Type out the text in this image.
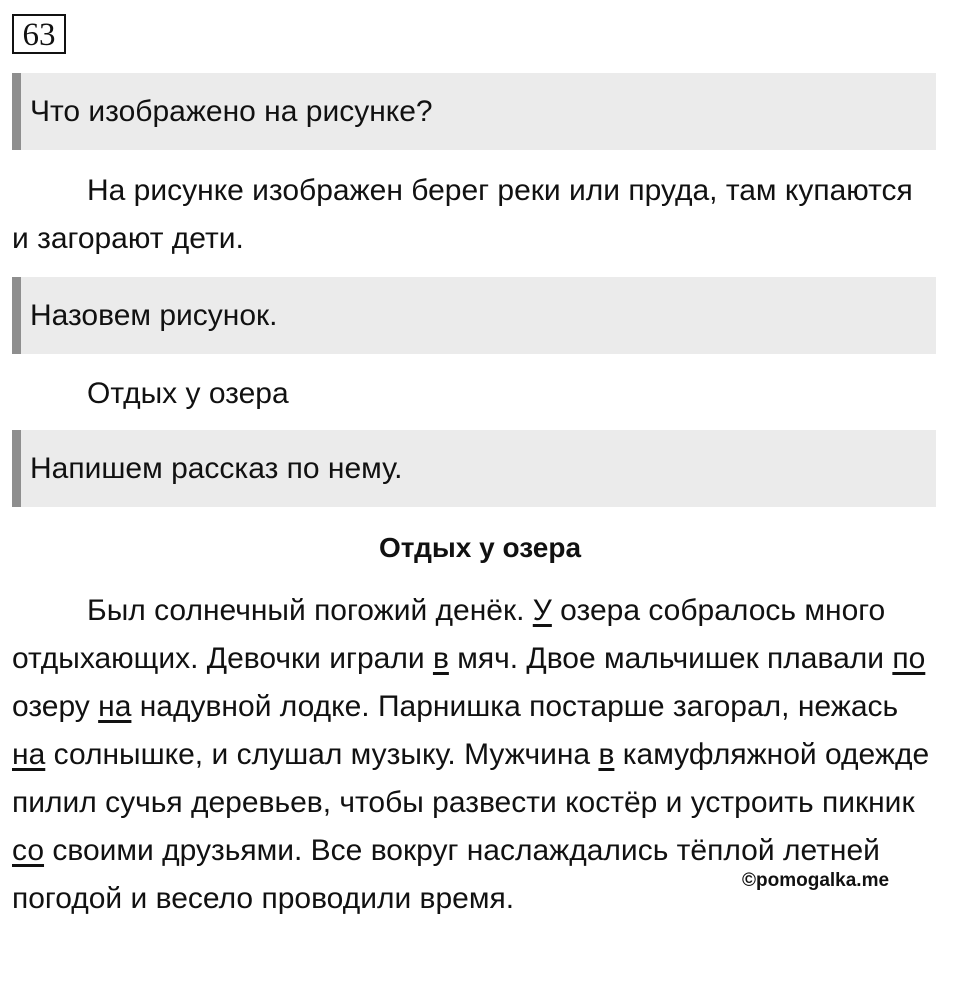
63
Что изображено на рисунке?

На рисунке изображен берег реки или пруда, там купаются и загорают дети.

Назовем рисунок.

Отдых у озера

Напишем рассказ по нему.
Отдых у озера

Был солнечный погожий денёк. У озера собралось много отдыхающих. Девочки играли в мяч. Двое мальчишек плавали по озеру на надувной лодке. Парнишка постарше загорал, нежась на солнышке, и слушал музыку. Мужчина в камуфляжной одежде пилил сучья деревьев, чтобы развести костёр и устроить пикник со своими друзьями. Все вокруг наслаждались тёплой летней погодой и весело проводили время.

©pomogalka.me
